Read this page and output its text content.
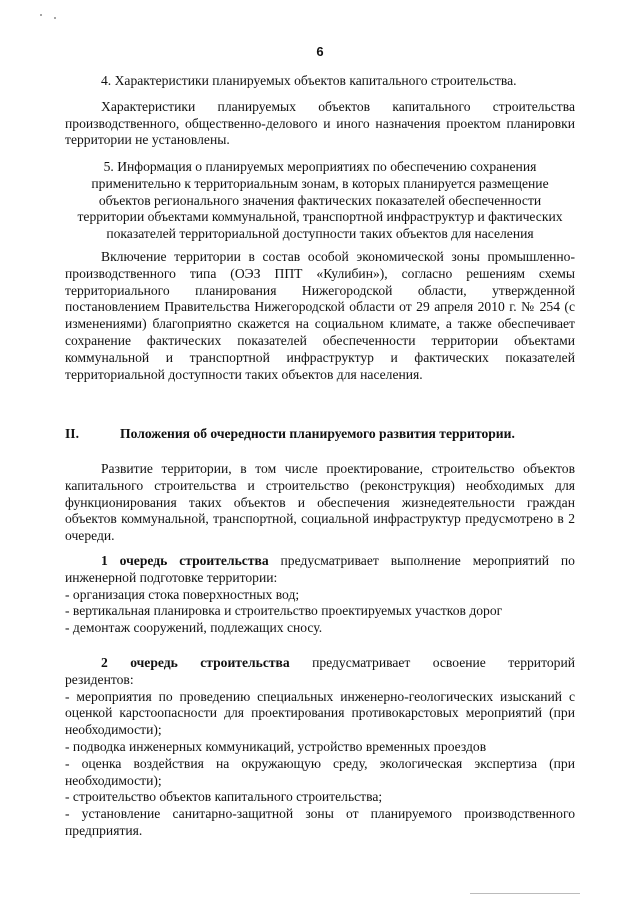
6

4. Характеристики планируемых объектов капитального строительства.

Характеристики планируемых объектов капитального строительства производственного, общественно-делового и иного назначения проектом планировки территории не установлены.

5. Информация о планируемых мероприятиях по обеспечению сохранения применительно к территориальным зонам, в которых планируется размещение объектов регионального значения фактических показателей обеспеченности территории объектами коммунальной, транспортной инфраструктур и фактических показателей территориальной доступности таких объектов для населения

Включение территории в состав особой экономической зоны промышленно-производственного типа (ОЭЗ ППТ «Кулибин»), согласно решениям схемы территориального планирования Нижегородской области, утвержденной постановлением Правительства Нижегородской области от 29 апреля 2010 г. № 254 (с изменениями) благоприятно скажется на социальном климате, а также обеспечивает сохранение фактических показателей обеспеченности территории объектами коммунальной и транспортной инфраструктур и фактических показателей территориальной доступности таких объектов для населения.

II.	Положения об очередности планируемого развития территории.

Развитие территории, в том числе проектирование, строительство объектов капитального строительства и строительство (реконструкция) необходимых для функционирования таких объектов и обеспечения жизнедеятельности граждан объектов коммунальной, транспортной, социальной инфраструктур предусмотрено в 2 очереди.

1 очередь строительства предусматривает выполнение мероприятий по инженерной подготовке территории:

- организация стока поверхностных вод;

- вертикальная планировка и строительство проектируемых участков дорог

- демонтаж сооружений, подлежащих сносу.

2 очередь строительства предусматривает освоение территорий резидентов:

- мероприятия по проведению специальных инженерно-геологических изысканий с оценкой карстоопасности для проектирования противокарстовых мероприятий (при необходимости);

- подводка инженерных коммуникаций, устройство временных проездов

- оценка воздействия на окружающую среду, экологическая экспертиза (при необходимости);

- строительство объектов капитального строительства;

- установление санитарно-защитной зоны от планируемого производственного предприятия.
